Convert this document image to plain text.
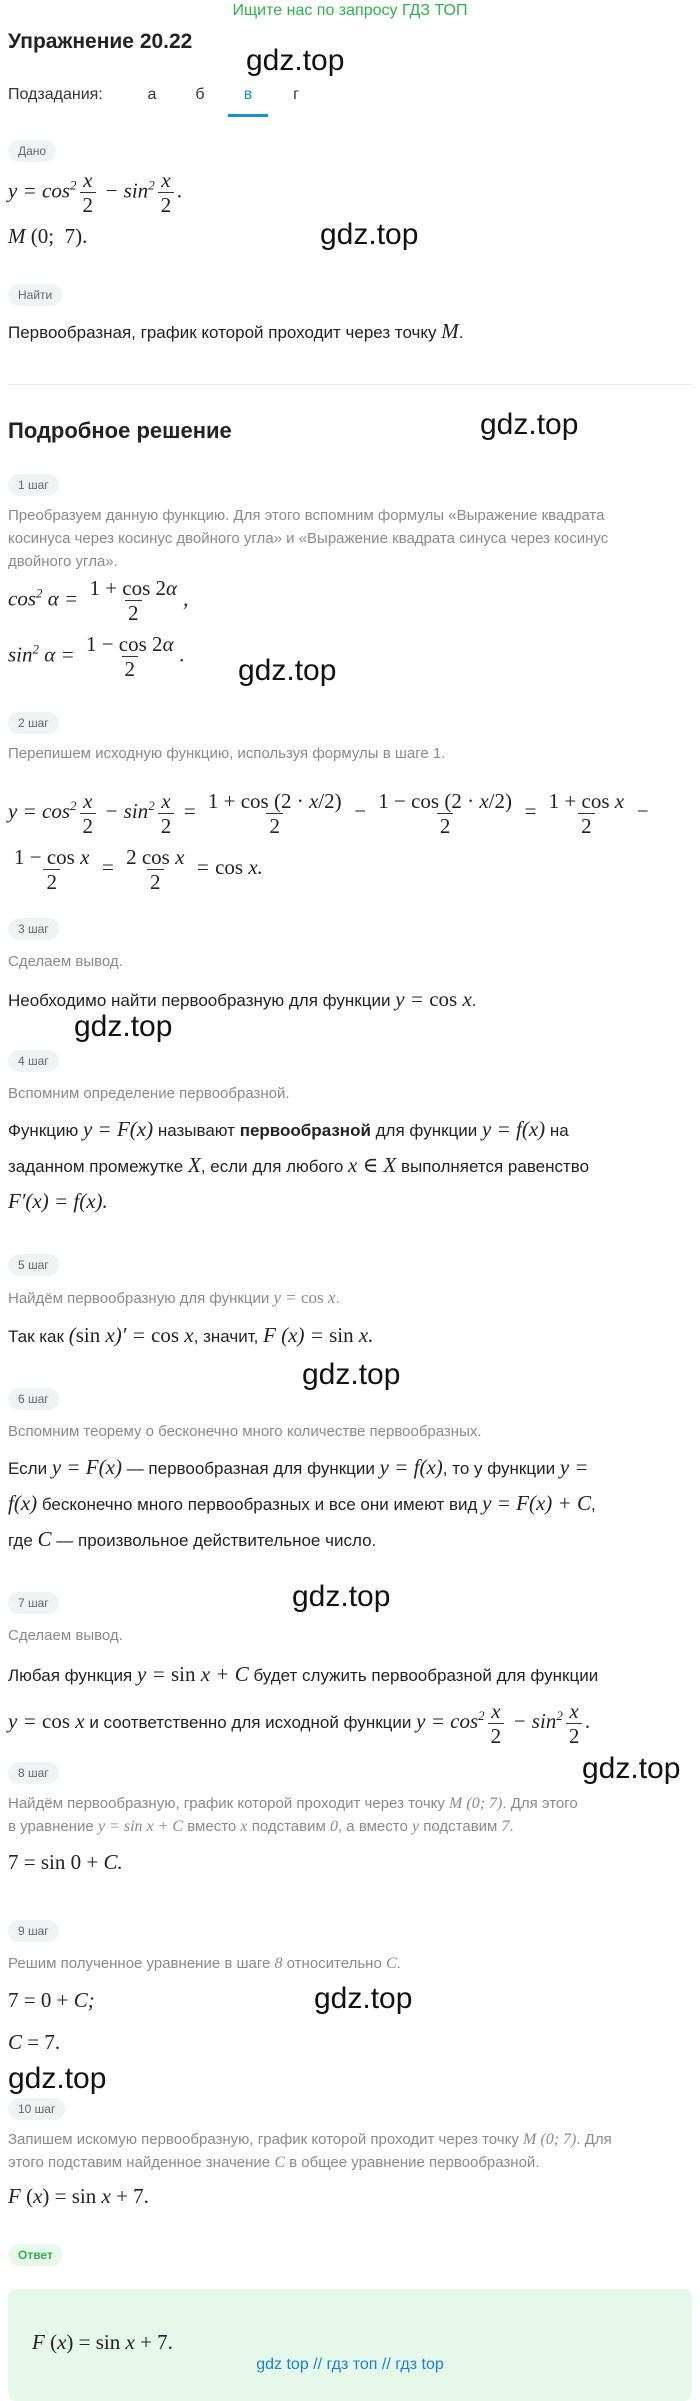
Ищите нас по запросу ГДЗ ТОП
Упражнение 20.22
Подзадания:	а	б	в	г
Дано
$y = \cos^2 \frac{x}{2} - \sin^2 \frac{x}{2}$ .
M (0;  7).
Найти
Первообразная, график которой проходит через точку M.
Подробное решение
1 шаг
Преобразуем данную функцию. Для этого вспомним формулы «Выражение квадрата
косинуса через косинус двойного угла» и «Выражение квадрата синуса через косинус
двойного угла».
$\cos^2 \alpha = \frac{1 + \cos 2\alpha}{2}$ ,
$\sin^2 \alpha = \frac{1 - \cos 2\alpha}{2}$ .
2 шаг
Перепишем исходную функцию, используя формулы в шаге 1.
$y = \cos^2 \frac{x}{2} - \sin^2 \frac{x}{2} = \frac{1 + \cos (2 \cdot x/2)}{2} - \frac{1 - \cos (2 \cdot x/2)}{2} = \frac{\text{1 + cos x}}{2}$ −

$\frac{\text{1 − cos x}}{2} = \frac{\text{2 cos x}}{2} = \cos x$.
3 шаг
Сделаем вывод.
Необходимо найти первообразную для функции y = cos x.
4 шаг
Вспомним определение первообразной.
Функцию y = F(x) называют первообразной для функции y = f(x) на
заданном промежутке X, если для любого x ∈ X выполняется равенство
F′(x) = f(x).
5 шаг
Найдём первообразную для функции y = cos x.
Так как (sin x)′ = cos x, значит, F (x) = sin x.
6 шаг
Вспомним теорему о бесконечно много количестве первообразных.
Если y = F(x) — первообразная для функции y = f(x), то у функции y =
f(x) бесконечно много первообразных и все они имеют вид y = F(x) + C,
где C — произвольное действительное число.
7 шаг
Сделаем вывод.
Любая функция y = sin x + C будет служить первообразной для функции
y = cos x и соответственно для исходной функции $y = \cos^2 \frac{x}{2} - \sin^2 \frac{x}{2}$ .
8 шаг
Найдём первообразную, график которой проходит через точку M (0; 7). Для этого
в уравнение y = sin x + C вместо x подставим 0, а вместо y подставим 7.
7 = sin 0 + C.
9 шаг
Решим полученное уравнение в шаге 8 относительно C.
7 = 0 + C;
C = 7.
10 шаг
Запишем искомую первообразную, график которой проходит через точку M (0; 7). Для
этого подставим найденное значение C в общее уравнение первообразной.
F (x) = sin x + 7.
Ответ
F (x) = sin x + 7.
gdz.top
gdz.top
gdz.top
gdz.top
gdz.top
gdz.top
gdz.top
gdz.top
gdz.top
gdz.top
gdz top // гдз топ // гдз top
